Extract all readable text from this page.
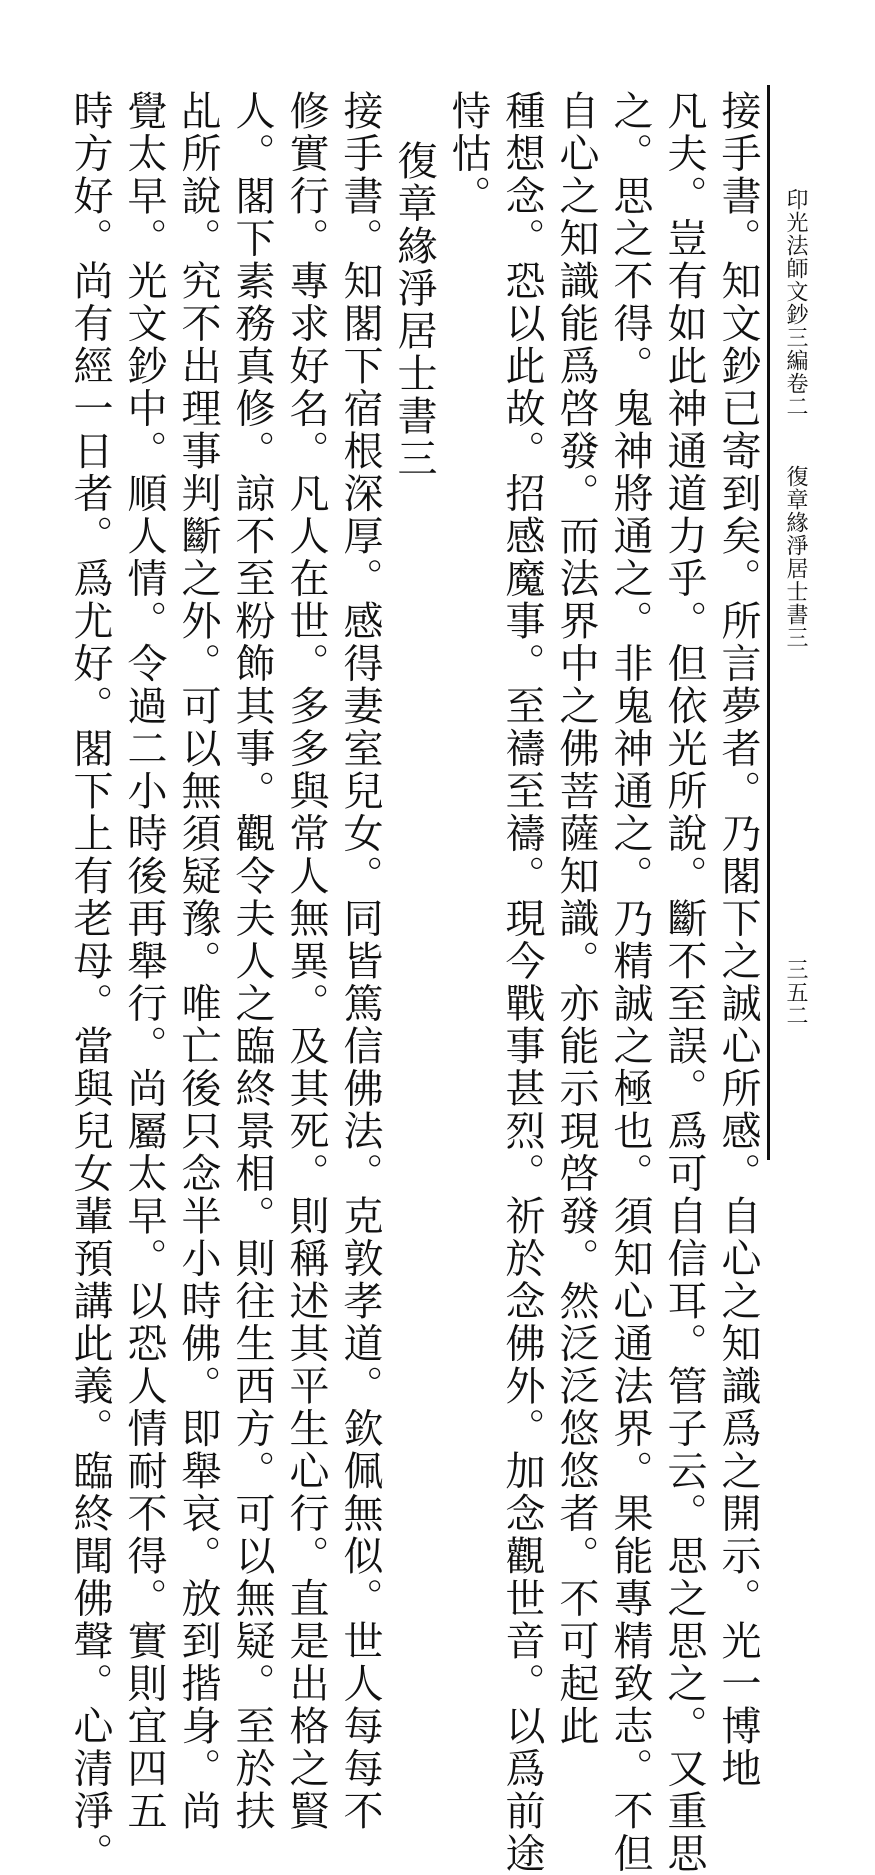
印光法師文鈔三編卷二
復章緣淨居士書三
三五二
接手書。知文鈔已寄到矣。所言夢者。乃閣下之誠心所感。自心之知識爲之開示。光一博地
凡夫。豈有如此神通道力乎。但依光所說。斷不至誤。爲可自信耳。管子云。思之思之。又重思
之。思之不得。鬼神將通之。非鬼神通之。乃精誠之極也。須知心通法界。果能專精致志。不但
自心之知識能爲啓發。而法界中之佛菩薩知識。亦能示現啓發。然泛泛悠悠者。不可起此
種想念。恐以此故。招感魔事。至禱至禱。現今戰事甚烈。祈於念佛外。加念觀世音。以爲前途
恃怙。
復章緣淨居士書三
接手書。知閣下宿根深厚。感得妻室兒女。同皆篤信佛法。克敦孝道。欽佩無似。世人每每不
修實行。專求好名。凡人在世。多多與常人無異。及其死。則稱述其平生心行。直是出格之賢
人。閣下素務真修。諒不至粉飾其事。觀令夫人之臨終景相。則往生西方。可以無疑。至於扶
乩所說。究不出理事判斷之外。可以無須疑豫。唯亡後只念半小時佛。即舉哀。放到揩身。尚
覺太早。光文鈔中。順人情。令過二小時後再舉行。尚屬太早。以恐人情耐不得。實則宜四五
時方好。尚有經一日者。爲尤好。閣下上有老母。當與兒女輩預講此義。臨終聞佛聲。心清淨。
